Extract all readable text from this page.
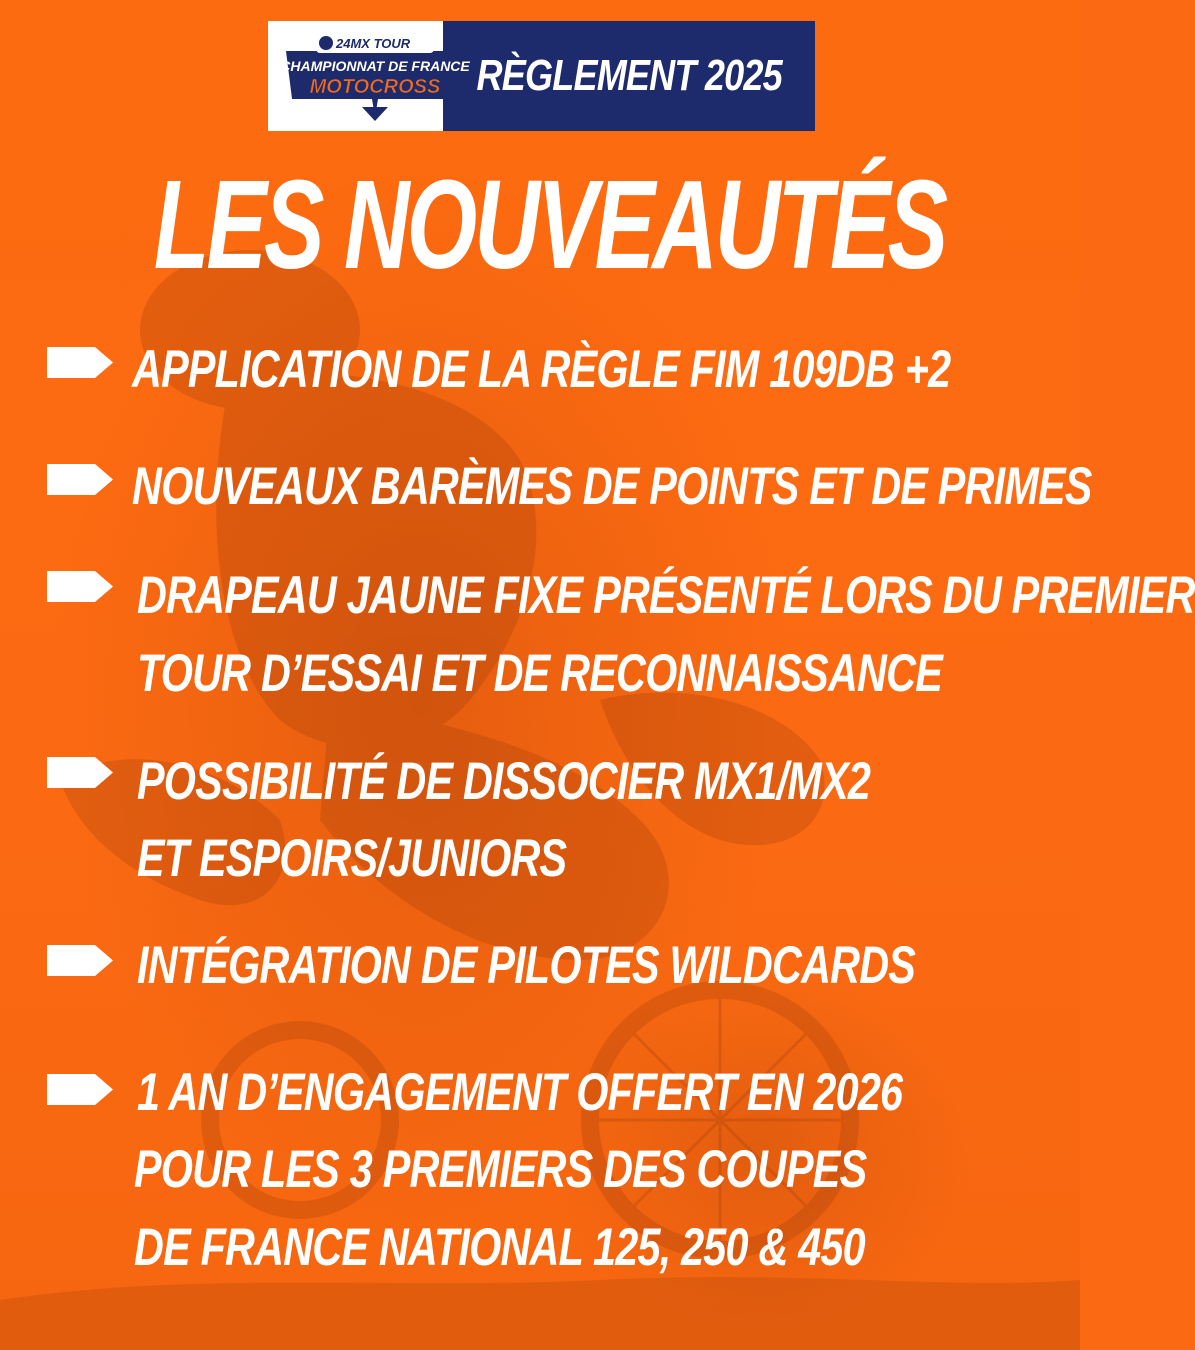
24MX TOUR
CHAMPIONNAT DE FRANCE
MOTOCROSS RÈGLEMENT 2025
LES NOUVEAUTÉS
APPLICATION DE LA RÈGLE FIM 109DB +2
NOUVEAUX BARÈMES DE POINTS ET DE PRIMES
DRAPEAU JAUNE FIXE PRÉSENTÉ LORS DU PREMIER
TOUR D’ESSAI ET DE RECONNAISSANCE
POSSIBILITÉ DE DISSOCIER MX1/MX2
ET ESPOIRS/JUNIORS
INTÉGRATION DE PILOTES WILDCARDS
1 AN D’ENGAGEMENT OFFERT EN 2026
POUR LES 3 PREMIERS DES COUPES
DE FRANCE NATIONAL 125, 250 & 450
